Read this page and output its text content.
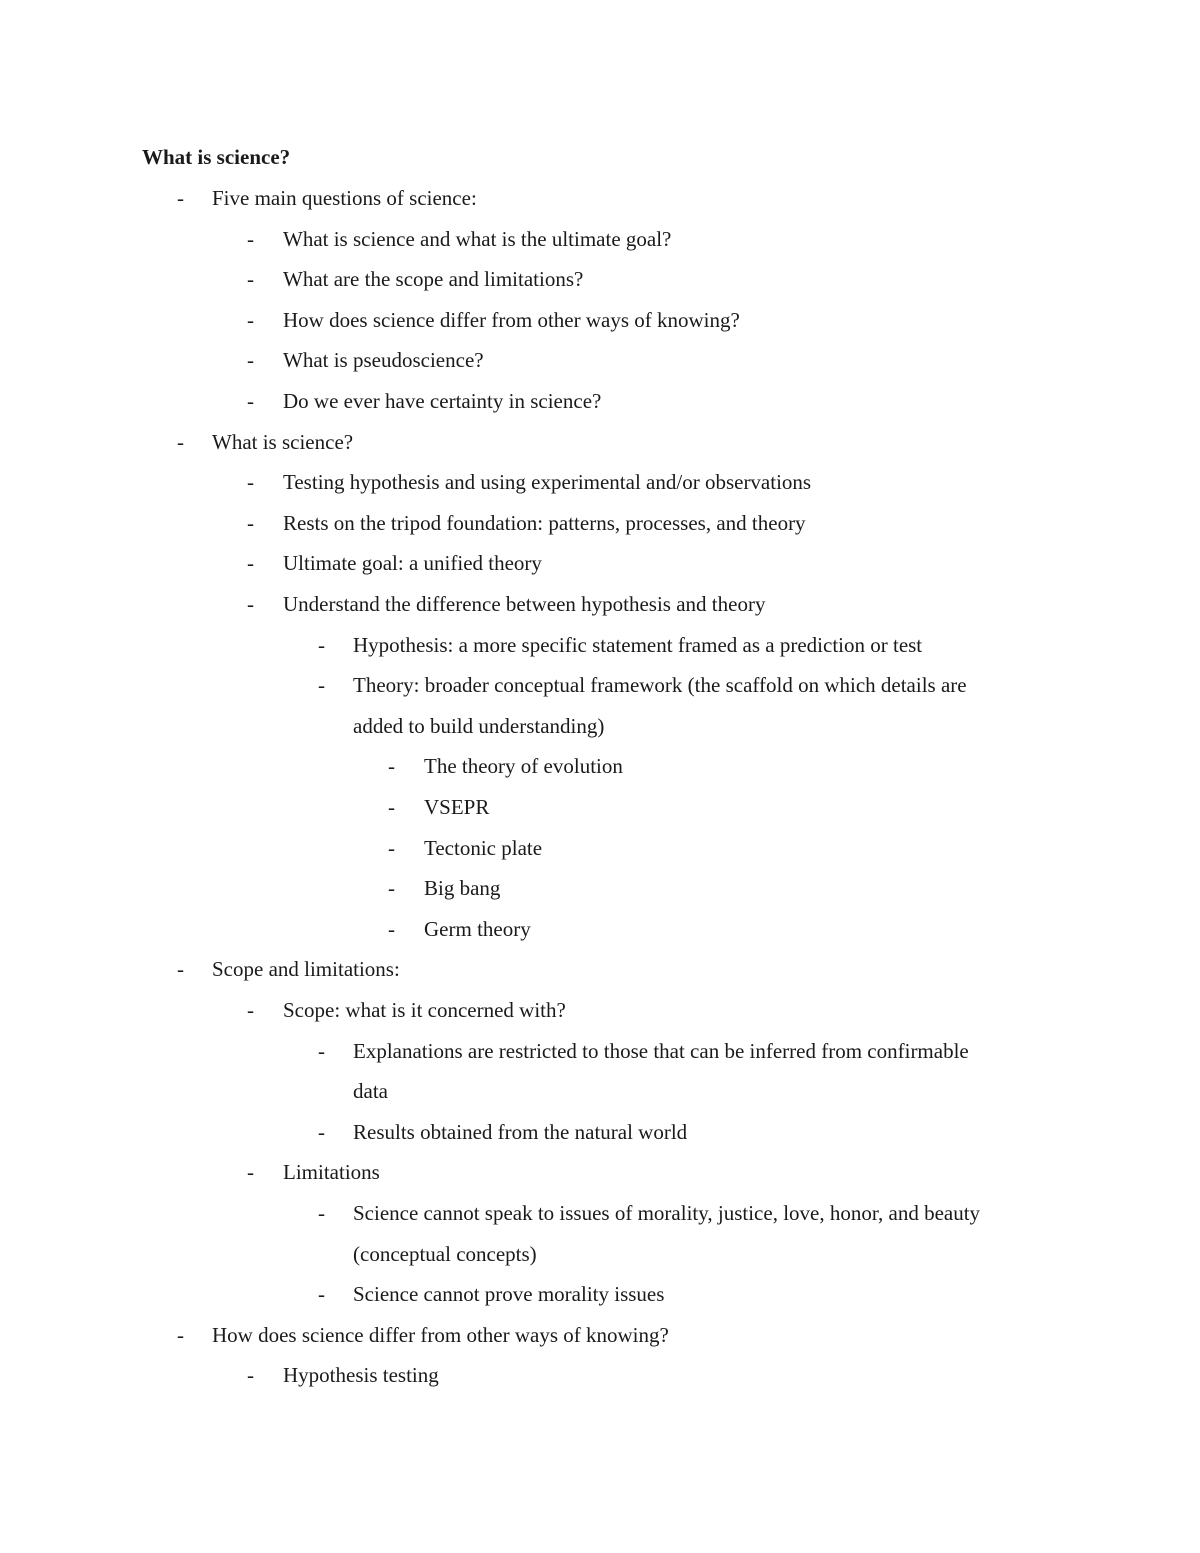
What is science?
- Five main questions of science:
- What is science and what is the ultimate goal?
- What are the scope and limitations?
- How does science differ from other ways of knowing?
- What is pseudoscience?
- Do we ever have certainty in science?
- What is science?
- Testing hypothesis and using experimental and/or observations
- Rests on the tripod foundation: patterns, processes, and theory
- Ultimate goal: a unified theory
- Understand the difference between hypothesis and theory
- Hypothesis: a more specific statement framed as a prediction or test
- Theory: broader conceptual framework (the scaffold on which details are
added to build understanding)
- The theory of evolution
- VSEPR
- Tectonic plate
- Big bang
- Germ theory
- Scope and limitations:
- Scope: what is it concerned with?
- Explanations are restricted to those that can be inferred from confirmable
data
- Results obtained from the natural world
- Limitations
- Science cannot speak to issues of morality, justice, love, honor, and beauty
(conceptual concepts)
- Science cannot prove morality issues
- How does science differ from other ways of knowing?
- Hypothesis testing
